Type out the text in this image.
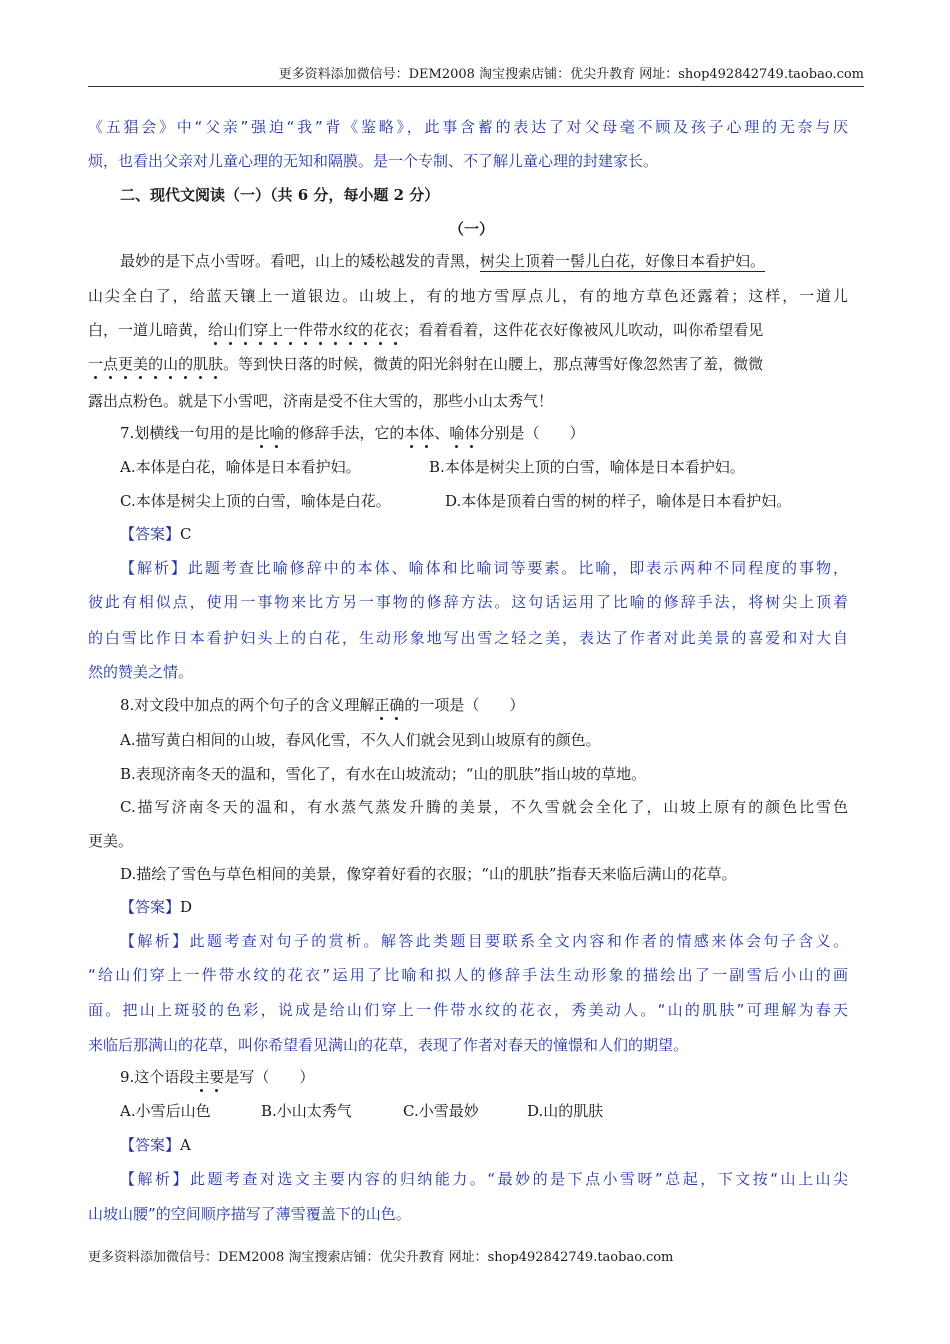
更多资料添加微信号：DEM2008 淘宝搜索店铺：优尖升教育 网址：shop492842749.taobao.com
《五猖会》中“父亲”强迫“我”背《鉴略》，此事含蓄的表达了对父母毫不顾及孩子心理的无奈与厌
烦，也看出父亲对儿童心理的无知和隔膜。是一个专制、不了解儿童心理的封建家长。
二、现代文阅读（一）（共 6 分，每小题 2 分）
（一）
最妙的是下点小雪呀。看吧，山上的矮松越发的青黑，树尖上顶着一髻儿白花，好像日本看护妇。
山尖全白了，给蓝天镶上一道银边。山坡上，有的地方雪厚点儿，有的地方草色还露着；这样，一道儿
白，一道儿暗黄，给山们穿上一件带水纹的花衣；看着看着，这件花衣好像被风儿吹动，叫你希望看见
一点更美的山的肌肤。等到快日落的时候，微黄的阳光斜射在山腰上，那点薄雪好像忽然害了羞，微微
露出点粉色。就是下小雪吧，济南是受不住大雪的，那些小山太秀气！
7.划横线一句用的是比喻的修辞手法，它的本体、喻体分别是（　　）
A.本体是白花，喻体是日本看护妇。	B.本体是树尖上顶的白雪，喻体是日本看护妇。
C.本体是树尖上顶的白雪，喻体是白花。	D.本体是顶着白雪的树的样子，喻体是日本看护妇。
【答案】C
【解析】此题考查比喻修辞中的本体、喻体和比喻词等要素。比喻，即表示两种不同程度的事物，
彼此有相似点，使用一事物来比方另一事物的修辞方法。这句话运用了比喻的修辞手法，将树尖上顶着
的白雪比作日本看护妇头上的白花，生动形象地写出雪之轻之美，表达了作者对此美景的喜爱和对大自
然的赞美之情。
8.对文段中加点的两个句子的含义理解正确的一项是（　　）
A.描写黄白相间的山坡，春风化雪，不久人们就会见到山坡原有的颜色。
B.表现济南冬天的温和，雪化了，有水在山坡流动；“山的肌肤”指山坡的草地。
C.描写济南冬天的温和，有水蒸气蒸发升腾的美景，不久雪就会全化了，山坡上原有的颜色比雪色
更美。
D.描绘了雪色与草色相间的美景，像穿着好看的衣服；“山的肌肤”指春天来临后满山的花草。
【答案】D
【解析】此题考查对句子的赏析。解答此类题目要联系全文内容和作者的情感来体会句子含义。
“给山们穿上一件带水纹的花衣”运用了比喻和拟人的修辞手法生动形象的描绘出了一副雪后小山的画
面。把山上斑驳的色彩，说成是给山们穿上一件带水纹的花衣，秀美动人。“山的肌肤”可理解为春天
来临后那满山的花草，叫你希望看见满山的花草，表现了作者对春天的憧憬和人们的期望。
9.这个语段主要是写（　　）
A.小雪后山色	B.小山太秀气	C.小雪最妙	D.山的肌肤
【答案】A
【解析】此题考查对选文主要内容的归纳能力。“最妙的是下点小雪呀”总起，下文按“山上山尖
山坡山腰”的空间顺序描写了薄雪覆盖下的山色。
更多资料添加微信号：DEM2008 淘宝搜索店铺：优尖升教育 网址：shop492842749.taobao.com
